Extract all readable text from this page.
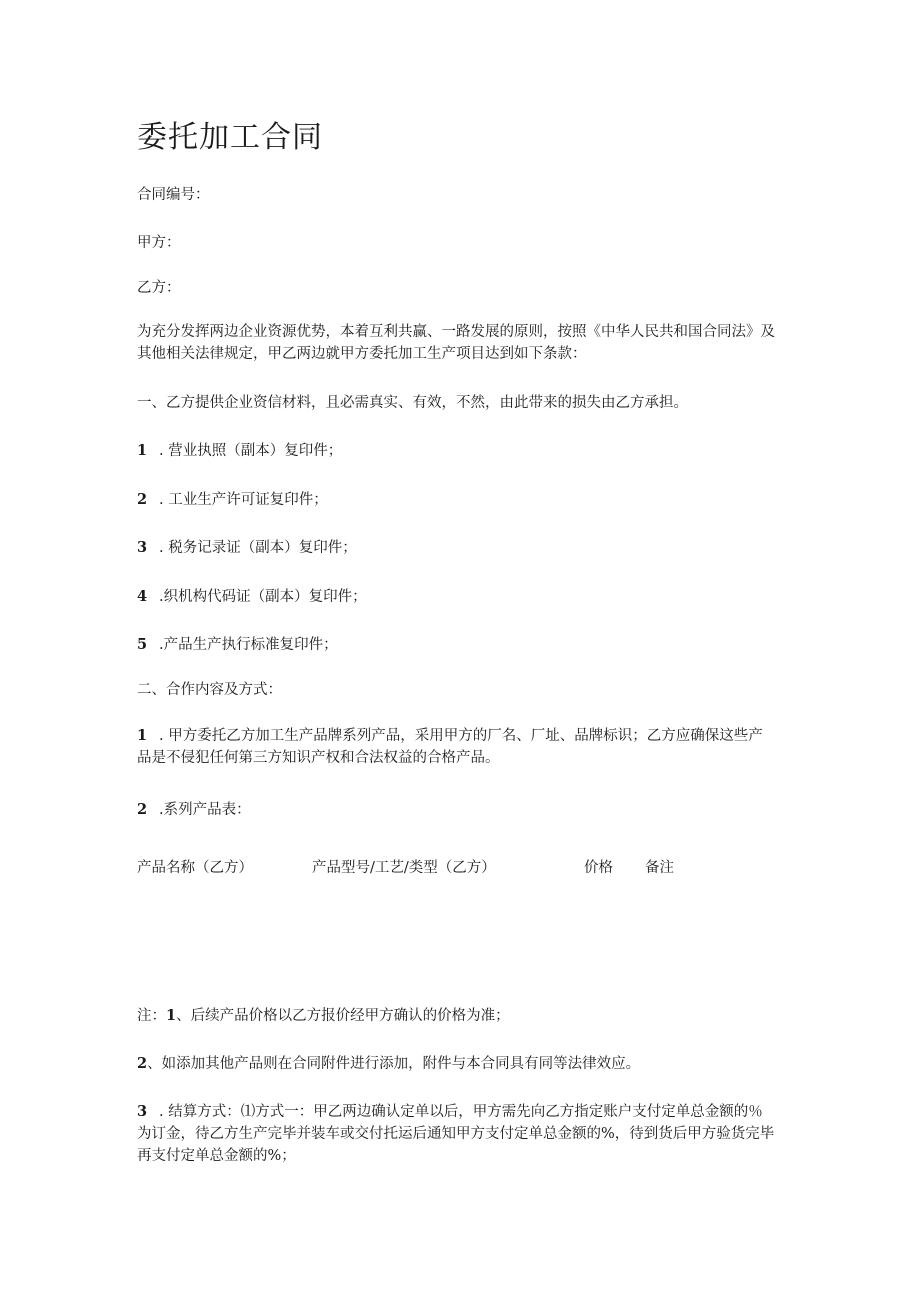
委托加工合同
合同编号：
甲方：
乙方：
为充分发挥两边企业资源优势，本着互利共赢、一路发展的原则，按照《中华人民共和国合同法》及其他相关法律规定，甲乙两边就甲方委托加工生产项目达到如下条款：
一、乙方提供企业资信材料，且必需真实、有效，不然，由此带来的损失由乙方承担。
1 . 营业执照（副本）复印件；
2 . 工业生产许可证复印件；
3 . 税务记录证（副本）复印件；
4 .织机构代码证（副本）复印件；
5 .产品生产执行标准复印件；
二、合作内容及方式：
1 . 甲方委托乙方加工生产品牌系列产品，采用甲方的厂名、厂址、品牌标识；乙方应确保这些产品是不侵犯任何第三方知识产权和合法权益的合格产品。
2 .系列产品表：
产品名称（乙方）	产品型号/工艺/类型（乙方）	价格 备注
注：1、后续产品价格以乙方报价经甲方确认的价格为准；
2、如添加其他产品则在合同附件进行添加，附件与本合同具有同等法律效应。
3 . 结算方式：⑴方式一：甲乙两边确认定单以后，甲方需先向乙方指定账户支付定单总金额的％为订金，待乙方生产完毕并装车或交付托运后通知甲方支付定单总金额的%，待到货后甲方验货完毕再支付定单总金额的%；
